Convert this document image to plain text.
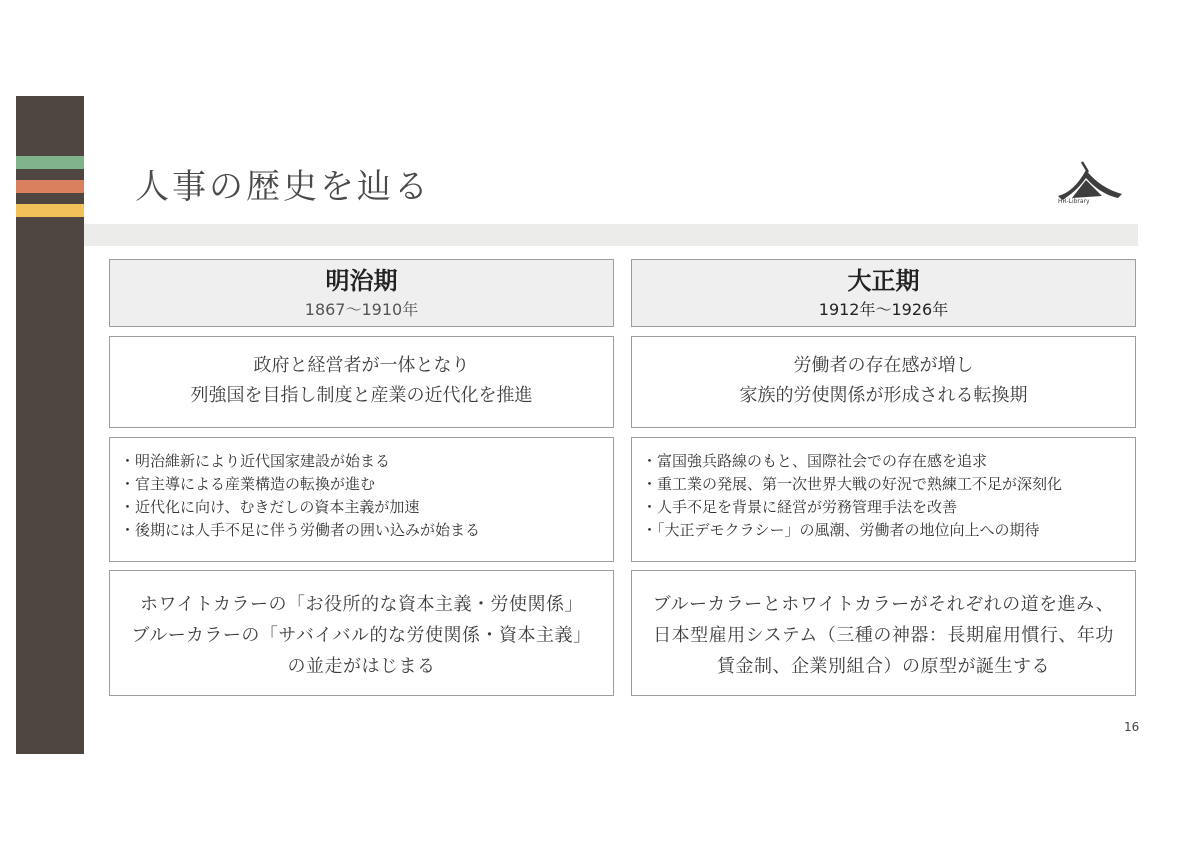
人事の歴史を辿る	HR-Library
明治期
1867〜1910年
政府と経営者が一体となり
列強国を目指し制度と産業の近代化を推進
・ 明治維新により近代国家建設が始まる
・ 官主導による産業構造の転換が進む
・ 近代化に向け、むきだしの資本主義が加速
・ 後期には人手不足に伴う労働者の囲い込みが始まる
ホワイトカラーの「お役所的な資本主義・労使関係」
ブルーカラーの「サバイバル的な労使関係・資本主義」
の並走がはじまる
大正期
1912年〜1926年
労働者の存在感が増し
家族的労使関係が形成される転換期
・ 富国強兵路線のもと、国際社会での存在感を追求
・ 重工業の発展、第一次世界大戦の好況で熟練工不足が深刻化
・ 人手不足を背景に経営が労務管理手法を改善
・ 「大正デモクラシー」の風潮、労働者の地位向上への期待
ブルーカラーとホワイトカラーがそれぞれの道を進み、
日本型雇用システム（三種の神器：長期雇用慣行、年功
賃金制、企業別組合）の原型が誕生する
16
